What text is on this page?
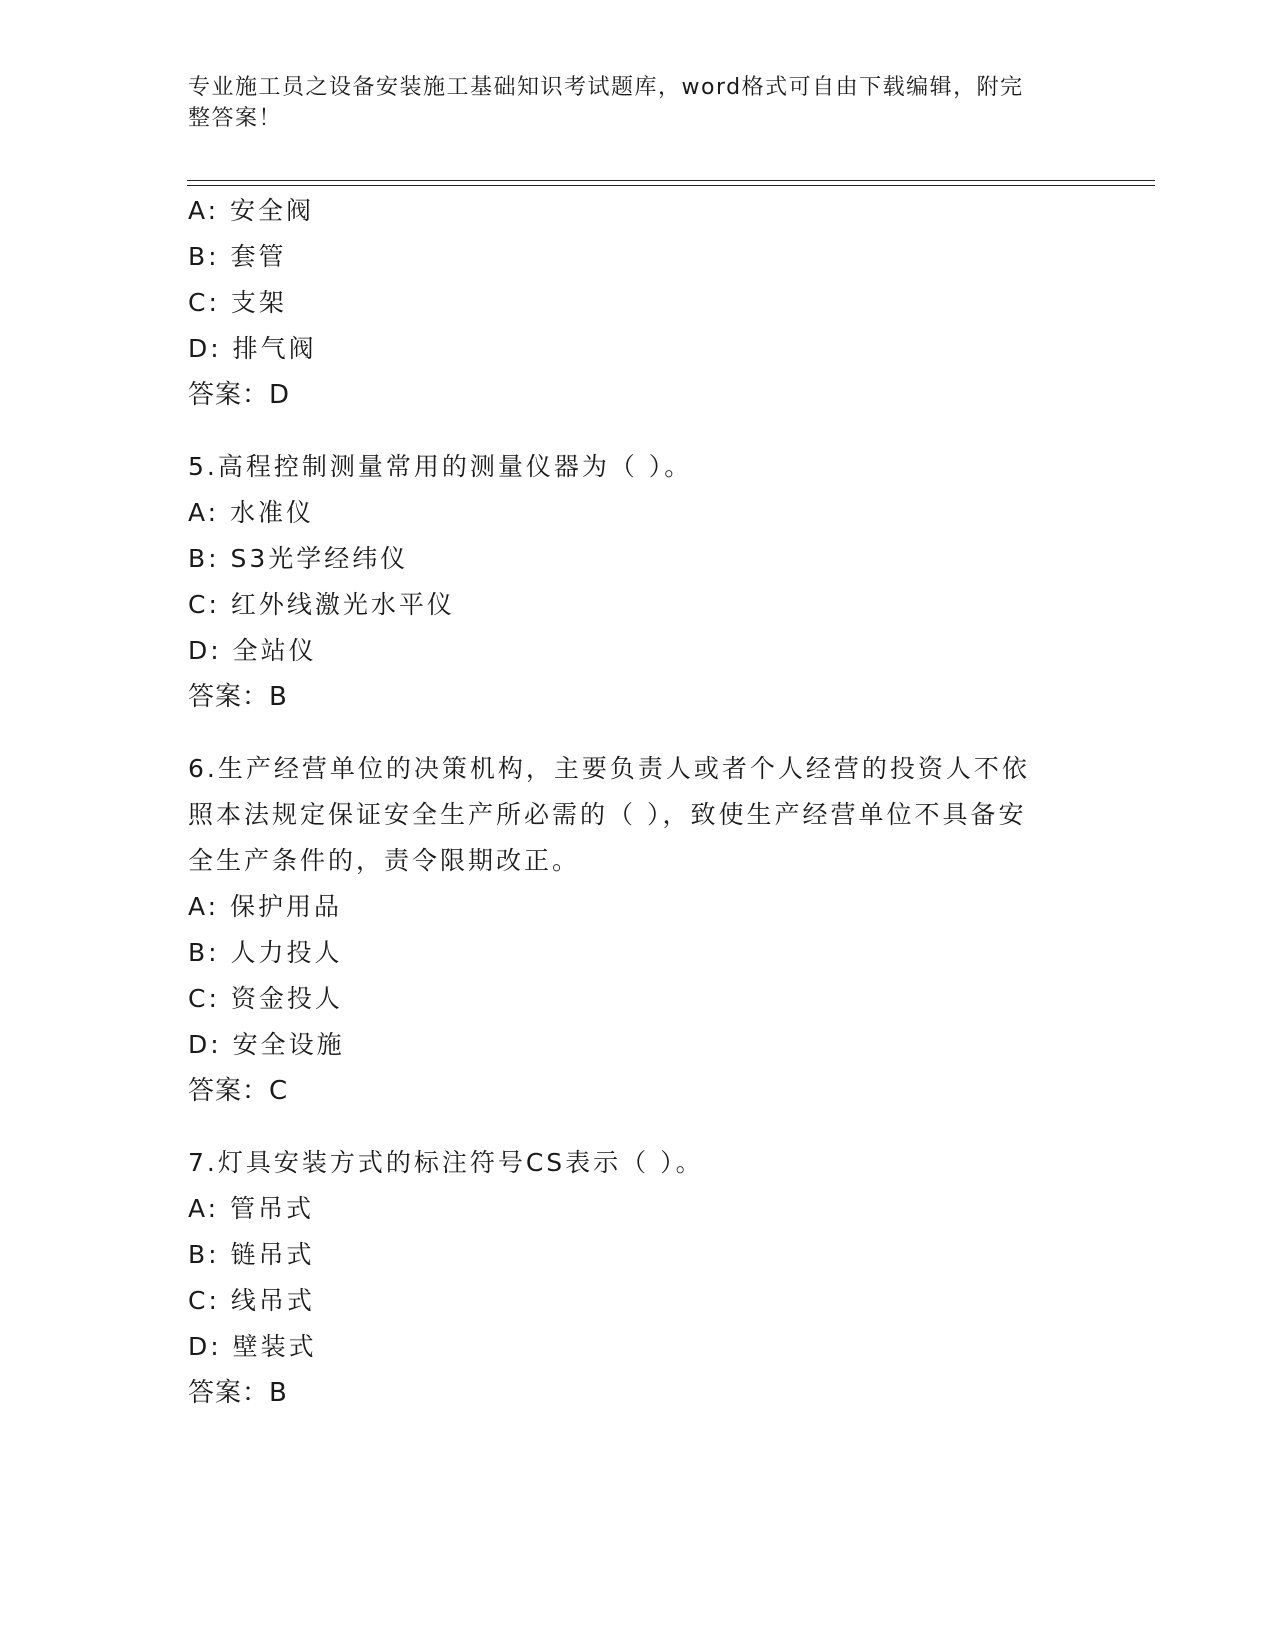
专业施工员之设备安装施工基础知识考试题库，word格式可自由下载编辑，附完
整答案！
A: 安全阀
B: 套管
C: 支架
D: 排气阀
答案：D
5.高程控制测量常用的测量仪器为（ ）。
A: 水准仪
B: S3光学经纬仪
C: 红外线激光水平仪
D: 全站仪
答案：B
6.生产经营单位的决策机构，主要负责人或者个人经营的投资人不依
照本法规定保证安全生产所必需的（ ），致使生产经营单位不具备安
全生产条件的，责令限期改正。
A: 保护用品
B: 人力投人
C: 资金投人
D: 安全设施
答案：C
7.灯具安装方式的标注符号CS表示（ ）。
A: 管吊式
B: 链吊式
C: 线吊式
D: 壁装式
答案：B
